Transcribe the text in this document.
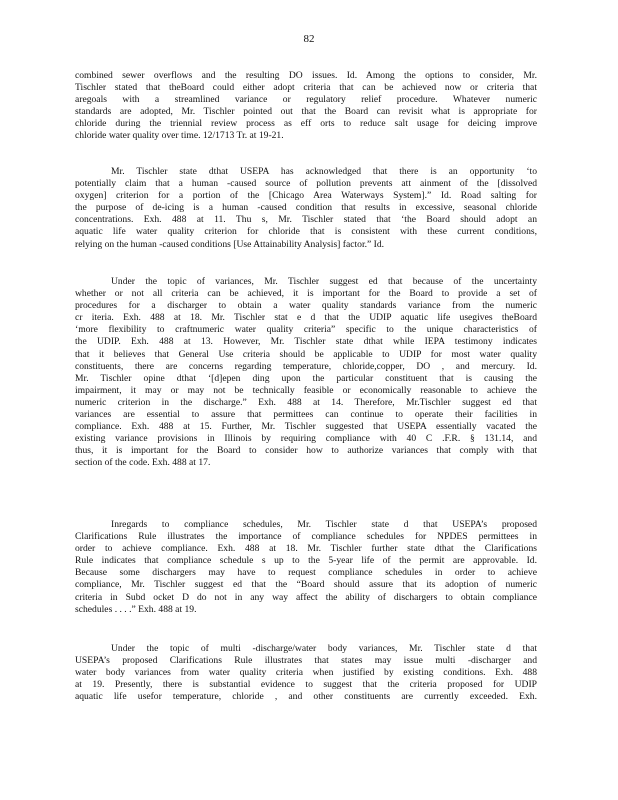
82
combined sewer overflows and the resulting DO issues. Id. Among the options to consider, Mr.
Tischler stated that theBoard could either adopt criteria that can be achieved now or criteria that
aregoals with a streamlined variance or regulatory relief procedure. Whatever numeric
standards are adopted, Mr. Tischler pointed out that the Board can revisit what is appropriate for
chloride during the triennial review process as eff orts to reduce salt usage for deicing improve
chloride water quality over time. 12/1713 Tr. at 19-21.
Mr. Tischler state dthat USEPA has acknowledged that there is an opportunity ‘to
potentially claim that a human -caused source of pollution prevents att ainment of the [dissolved
oxygen] criterion for a portion of the [Chicago Area Waterways System].” Id. Road salting for
the purpose of de-icing is a human -caused condition that results in excessive, seasonal chloride
concentrations. Exh. 488 at 11. Thu s, Mr. Tischler stated that ‘the Board should adopt an
aquatic life water quality criterion for chloride that is consistent with these current conditions,
relying on the human -caused conditions [Use Attainability Analysis] factor.” Id.
Under the topic of variances, Mr. Tischler suggest ed that because of the uncertainty
whether or not all criteria can be achieved, it is important for the Board to provide a set of
procedures for a discharger to obtain a water quality standards variance from the numeric
cr iteria. Exh. 488 at 18. Mr. Tischler stat e d that the UDIP aquatic life usegives theBoard
‘more flexibility to craftnumeric water quality criteria” specific to the unique characteristics of
the UDIP. Exh. 488 at 13. However, Mr. Tischler state dthat while IEPA testimony indicates
that it believes that General Use criteria should be applicable to UDIP for most water quality
constituents, there are concerns regarding temperature, chloride,copper, DO , and mercury. Id.
Mr. Tischler opine dthat ‘[d]epen ding upon the particular constituent that is causing the
impairment, it may or may not be technically feasible or economically reasonable to achieve the
numeric criterion in the discharge.” Exh. 488 at 14. Therefore, Mr.Tischler suggest ed that
variances are essential to assure that permittees can continue to operate their facilities in
compliance. Exh. 488 at 15. Further, Mr. Tischler suggested that USEPA essentially vacated the
existing variance provisions in Illinois by requiring compliance with 40 C .F.R. § 131.14, and
thus, it is important for the Board to consider how to authorize variances that comply with that
section of the code. Exh. 488 at 17.
Inregards to compliance schedules, Mr. Tischler state d that USEPA’s proposed
Clarifications Rule illustrates the importance of compliance schedules for NPDES permittees in
order to achieve compliance. Exh. 488 at 18. Mr. Tischler further state dthat the Clarifications
Rule indicates that compliance schedule s up to the 5-year life of the permit are approvable. Id.
Because some dischargers may have to request compliance schedules in order to achieve
compliance, Mr. Tischler suggest ed that the “Board should assure that its adoption of numeric
criteria in Subd ocket D do not in any way affect the ability of dischargers to obtain compliance
schedules . . . .” Exh. 488 at 19.
Under the topic of multi -discharge/water body variances, Mr. Tischler state d that
USEPA’s proposed Clarifications Rule illustrates that states may issue multi -discharger and
water body variances from water quality criteria when justified by existing conditions. Exh. 488
at 19. Presently, there is substantial evidence to suggest that the criteria proposed for UDIP
aquatic life usefor temperature, chloride , and other constituents are currently exceeded. Exh.
